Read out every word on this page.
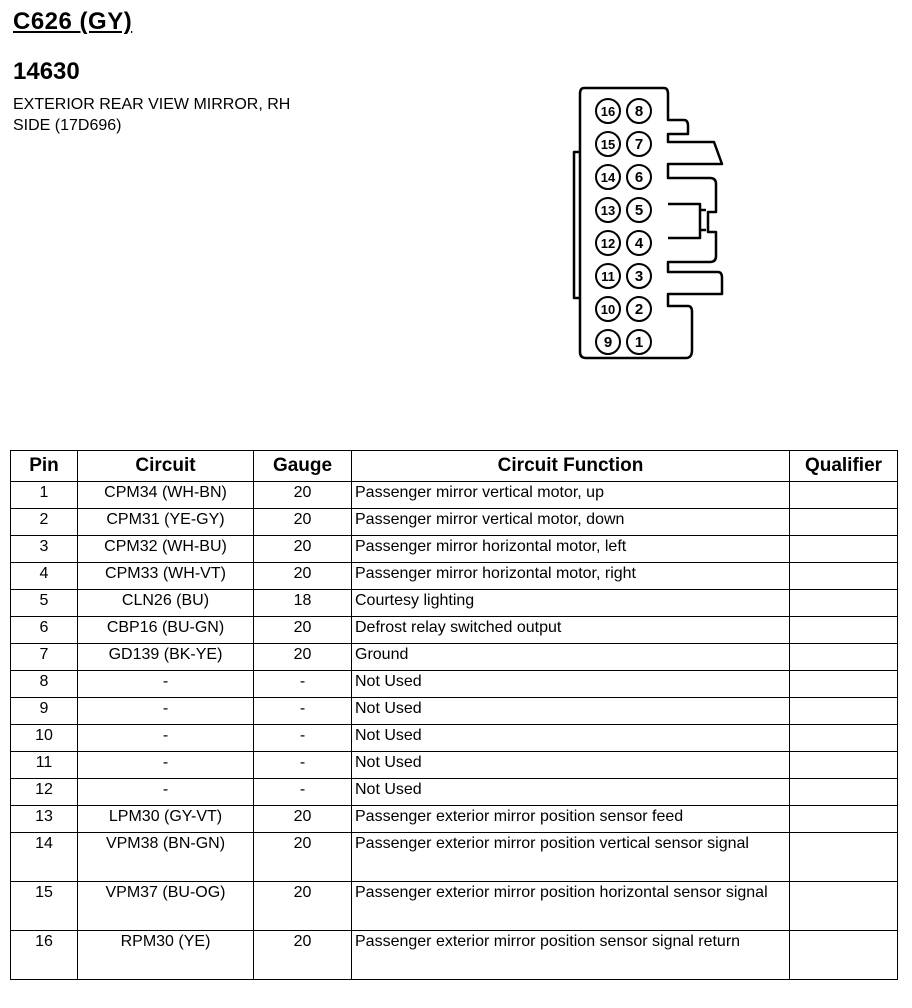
C626 (GY)
14630

EXTERIOR REAR VIEW MIRROR, RH
SIDE (17D696)

16
15
14
13
12
11
10
9
8
7
6
5
4
3
2
1
Pin	Circuit	Gauge	Circuit Function	Qualifier
1	CPM34 (WH-BN)	20	Passenger mirror vertical motor, up	
2	CPM31 (YE-GY)	20	Passenger mirror vertical motor, down	
3	CPM32 (WH-BU)	20	Passenger mirror horizontal motor, left	
4	CPM33 (WH-VT)	20	Passenger mirror horizontal motor, right	
5	CLN26 (BU)	18	Courtesy lighting	
6	CBP16 (BU-GN)	20	Defrost relay switched output	
7	GD139 (BK-YE)	20	Ground	
8	-	-	Not Used	
9	-	-	Not Used	
10	-	-	Not Used	
11	-	-	Not Used	
12	-	-	Not Used	
13	LPM30 (GY-VT)	20	Passenger exterior mirror position sensor feed	
14	VPM38 (BN-GN)	20	Passenger exterior mirror position vertical sensor signal	
15	VPM37 (BU-OG)	20	Passenger exterior mirror position horizontal sensor signal	
16	RPM30 (YE)	20	Passenger exterior mirror position sensor signal return	
